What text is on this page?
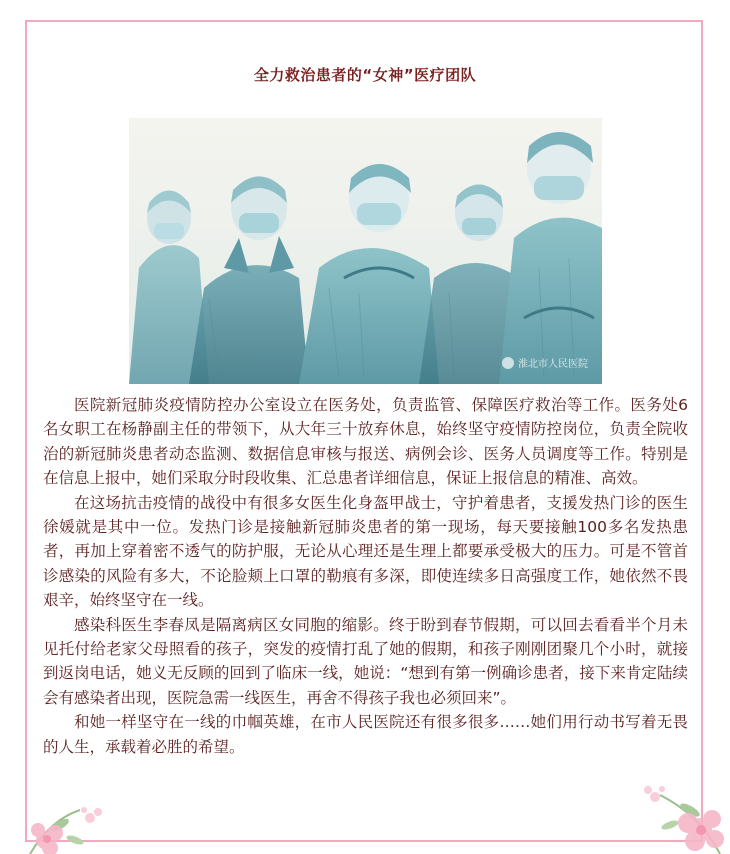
全力救治患者的“女神”医疗团队
淮北市人民医院

医院新冠肺炎疫情防控办公室设立在医务处，负责监管、保障医疗救治等工作。医务处6名女职工在杨静副主任的带领下，从大年三十放弃休息，始终坚守疫情防控岗位，负责全院收治的新冠肺炎患者动态监测、数据信息审核与报送、病例会诊、医务人员调度等工作。特别是在信息上报中，她们采取分时段收集、汇总患者详细信息，保证上报信息的精准、高效。

在这场抗击疫情的战役中有很多女医生化身盔甲战士，守护着患者，支援发热门诊的医生徐媛就是其中一位。发热门诊是接触新冠肺炎患者的第一现场，每天要接触100多名发热患者，再加上穿着密不透气的防护服，无论从心理还是生理上都要承受极大的压力。可是不管首诊感染的风险有多大，不论脸颊上口罩的勒痕有多深，即使连续多日高强度工作，她依然不畏艰辛，始终坚守在一线。

感染科医生李春凤是隔离病区女同胞的缩影。终于盼到春节假期，可以回去看看半个月未见托付给老家父母照看的孩子，突发的疫情打乱了她的假期，和孩子刚刚团聚几个小时，就接到返岗电话，她义无反顾的回到了临床一线，她说：“想到有第一例确诊患者，接下来肯定陆续会有感染者出现，医院急需一线医生，再舍不得孩子我也必须回来”。

和她一样坚守在一线的巾帼英雄，在市人民医院还有很多很多……她们用行动书写着无畏的人生，承载着必胜的希望。
